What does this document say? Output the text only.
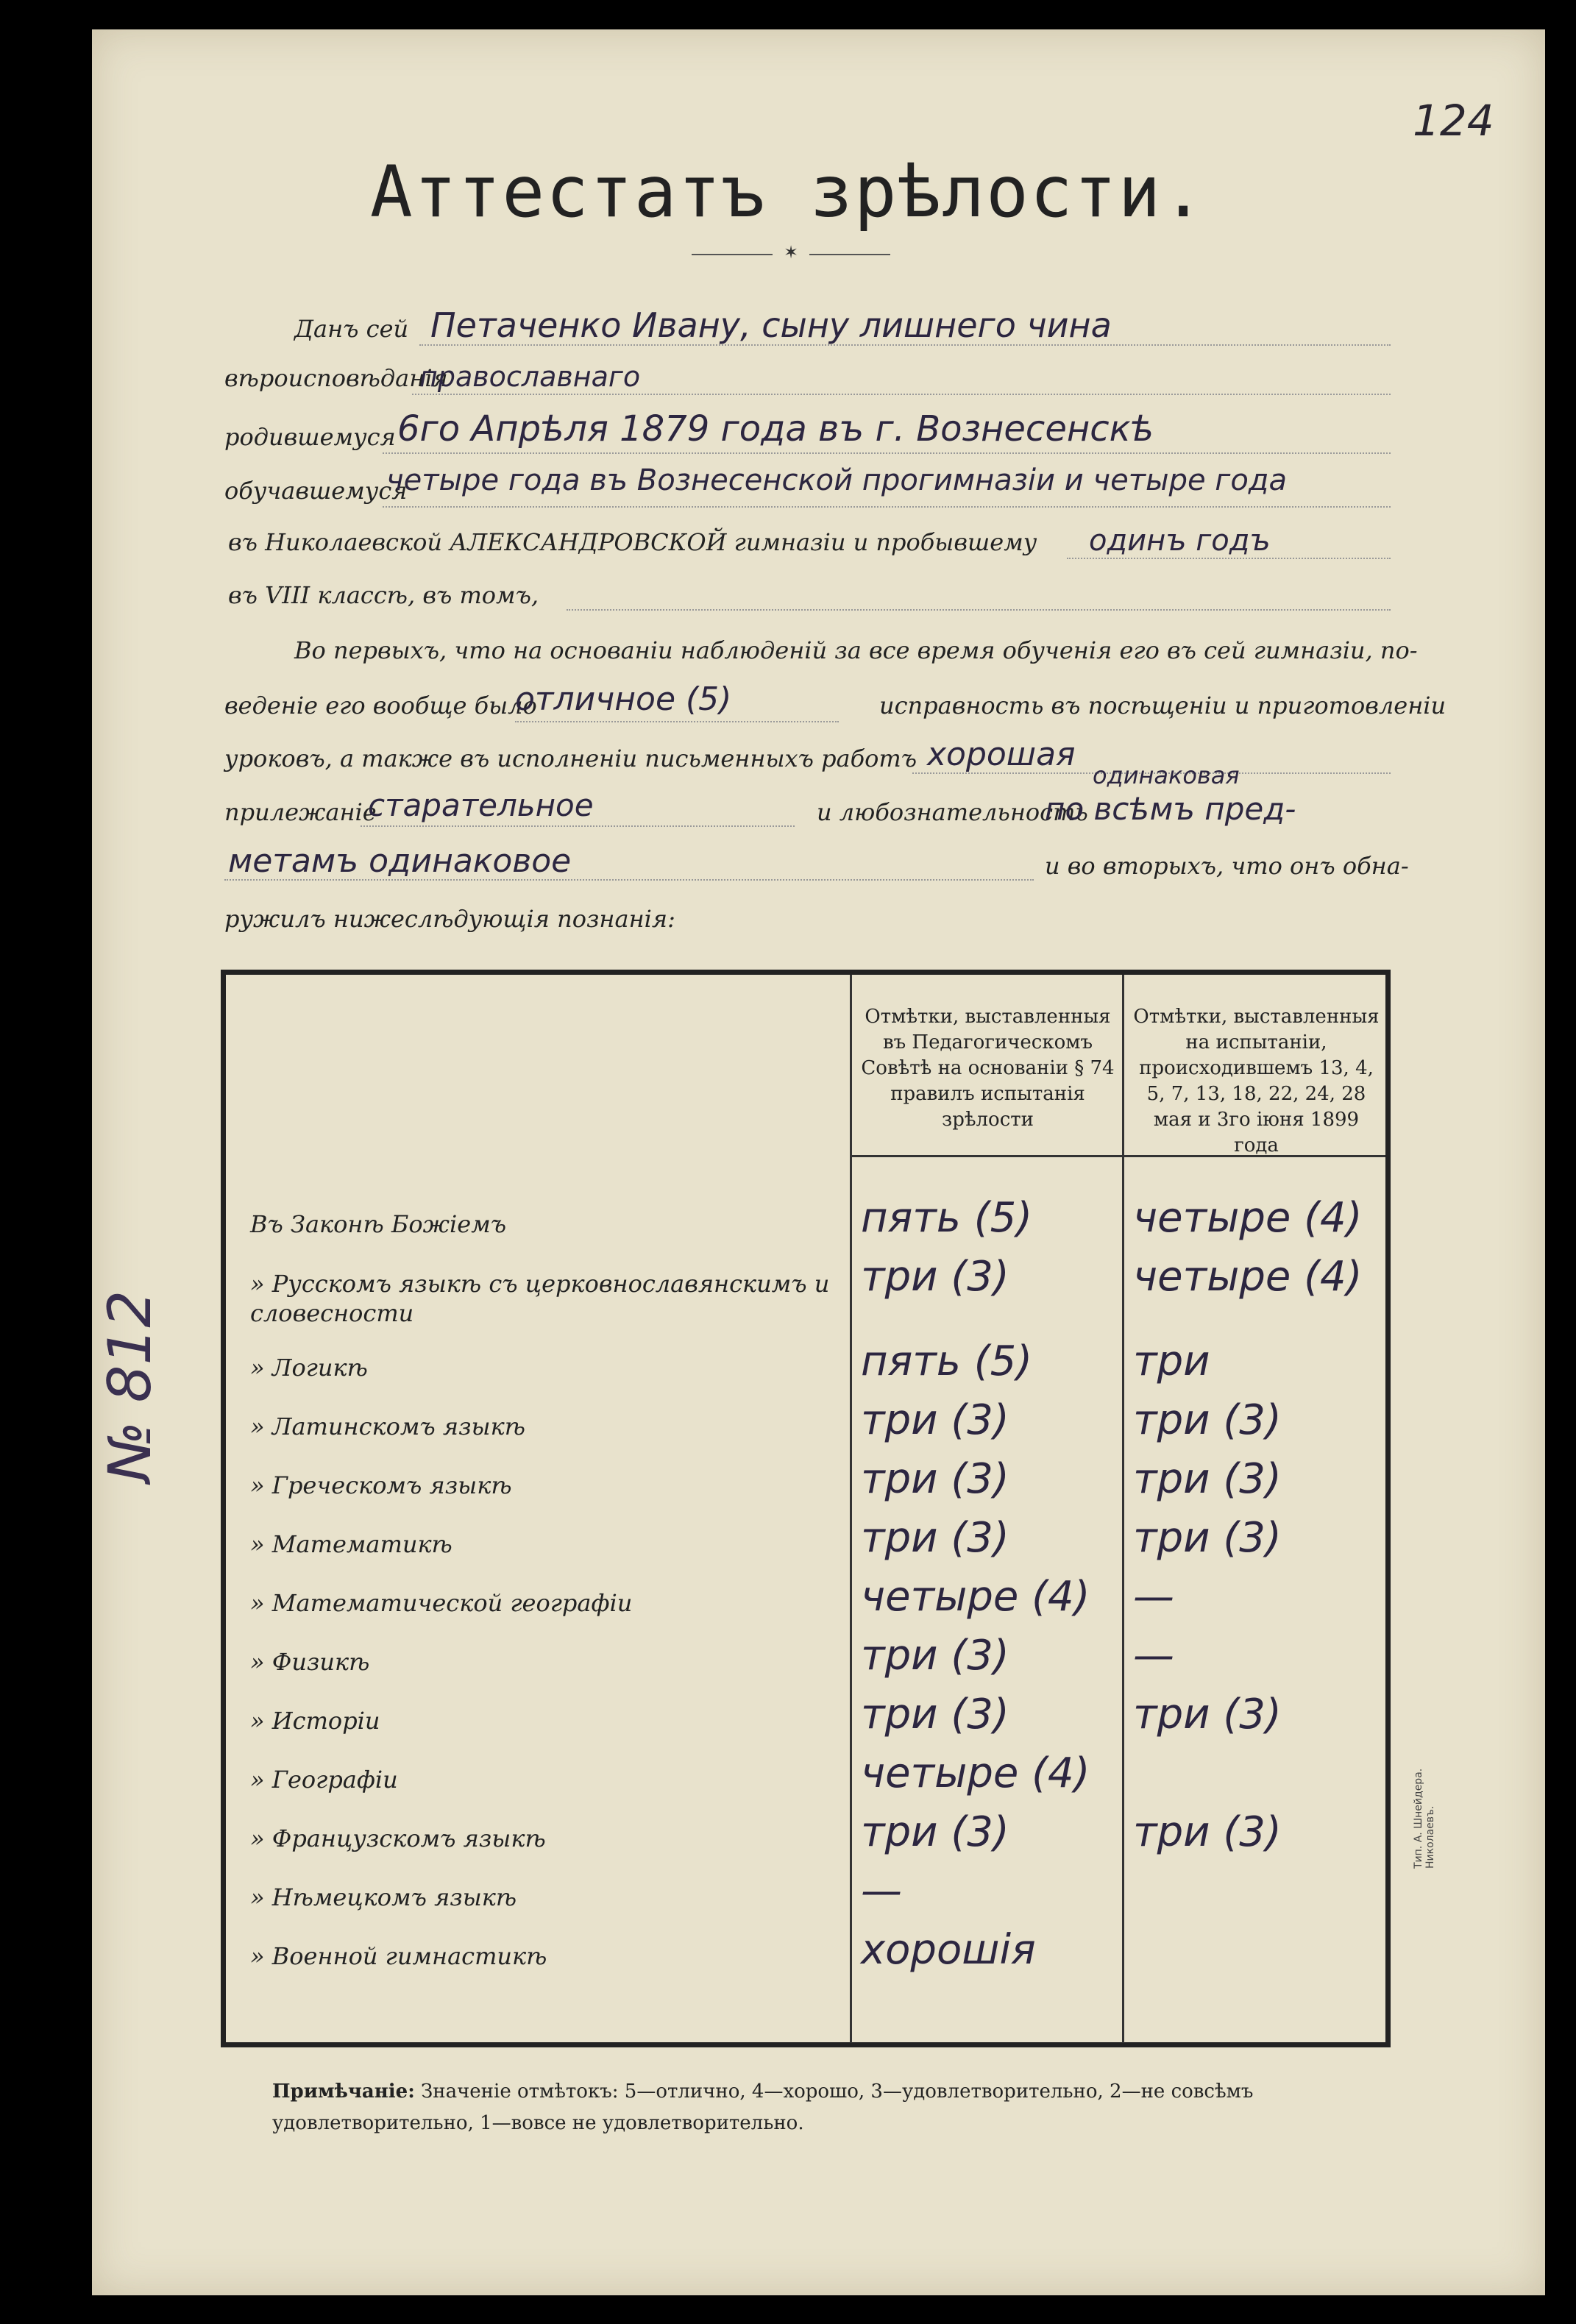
124
Аттестатъ зрѣлости.
✶
Данъ сей Петаченко Ивану, сыну лишнего чина
вѣроисповѣданія
православнаго
родившемуся 6го Апрѣля 1879 года въ г. Вознесенскѣ
обучавшемуся
четыре года въ Вознесенской прогимназіи и четыре года
въ Николаевской АЛЕКСАНДРОВСКОЙ гимназіи и пробывшему одинъ годъ
въ VIII классѣ, въ томъ,
Во первыхъ, что на основаніи наблюденій за все время обученія его въ сей гимназіи, по-
веденіе его вообще было
отличное (5)	исправность въ посѣщеніи и приготовленіи
уроковъ, а также въ исполненіи письменныхъ работъ хорошая
прилежаніе
старательное	и любознательность
одинаковая
по всѣмъ пред-
метамъ одинаковое	и во вторыхъ, что онъ обна-
ружилъ нижеслѣдующія познанія:
Отмѣтки, выставленныя въ Педагогическомъ Совѣтѣ на основаніи § 74 правилъ испытанія зрѣлости
Отмѣтки, выставленныя на испытаніи, происходившемъ 13, 4, 5, 7, 13, 18, 22, 24, 28 мая и 3го іюня 1899 года
Въ Законѣ Божіемъ	пять (5) четыре (4)
» Русскомъ языкѣ съ церковнославянскимъ и словесности
три (3)	четыре (4)
» Логикѣ	пять (5) три
» Латинскомъ языкѣ	три (3)	три (3)
» Греческомъ языкѣ	три (3)	три (3)
» Математикѣ	три (3)	три (3)
» Математической географіи	четыре (4) —
» Физикѣ	три (3)	—
» Исторіи	три (3)	три (3)
» Географіи	четыре (4)
» Французскомъ языкѣ	три (3)	три (3)
» Нѣмецкомъ языкѣ	—
» Военной гимнастикѣ	хорошія
№ 812
Тип. А. Шнейдера. Николаевъ.
Примѣчаніе: Значеніе отмѣтокъ: 5—отлично, 4—хорошо, 3—удовлетворительно, 2—не совсѣмъ удовлетворительно, 1—вовсе не удовлетворительно.
